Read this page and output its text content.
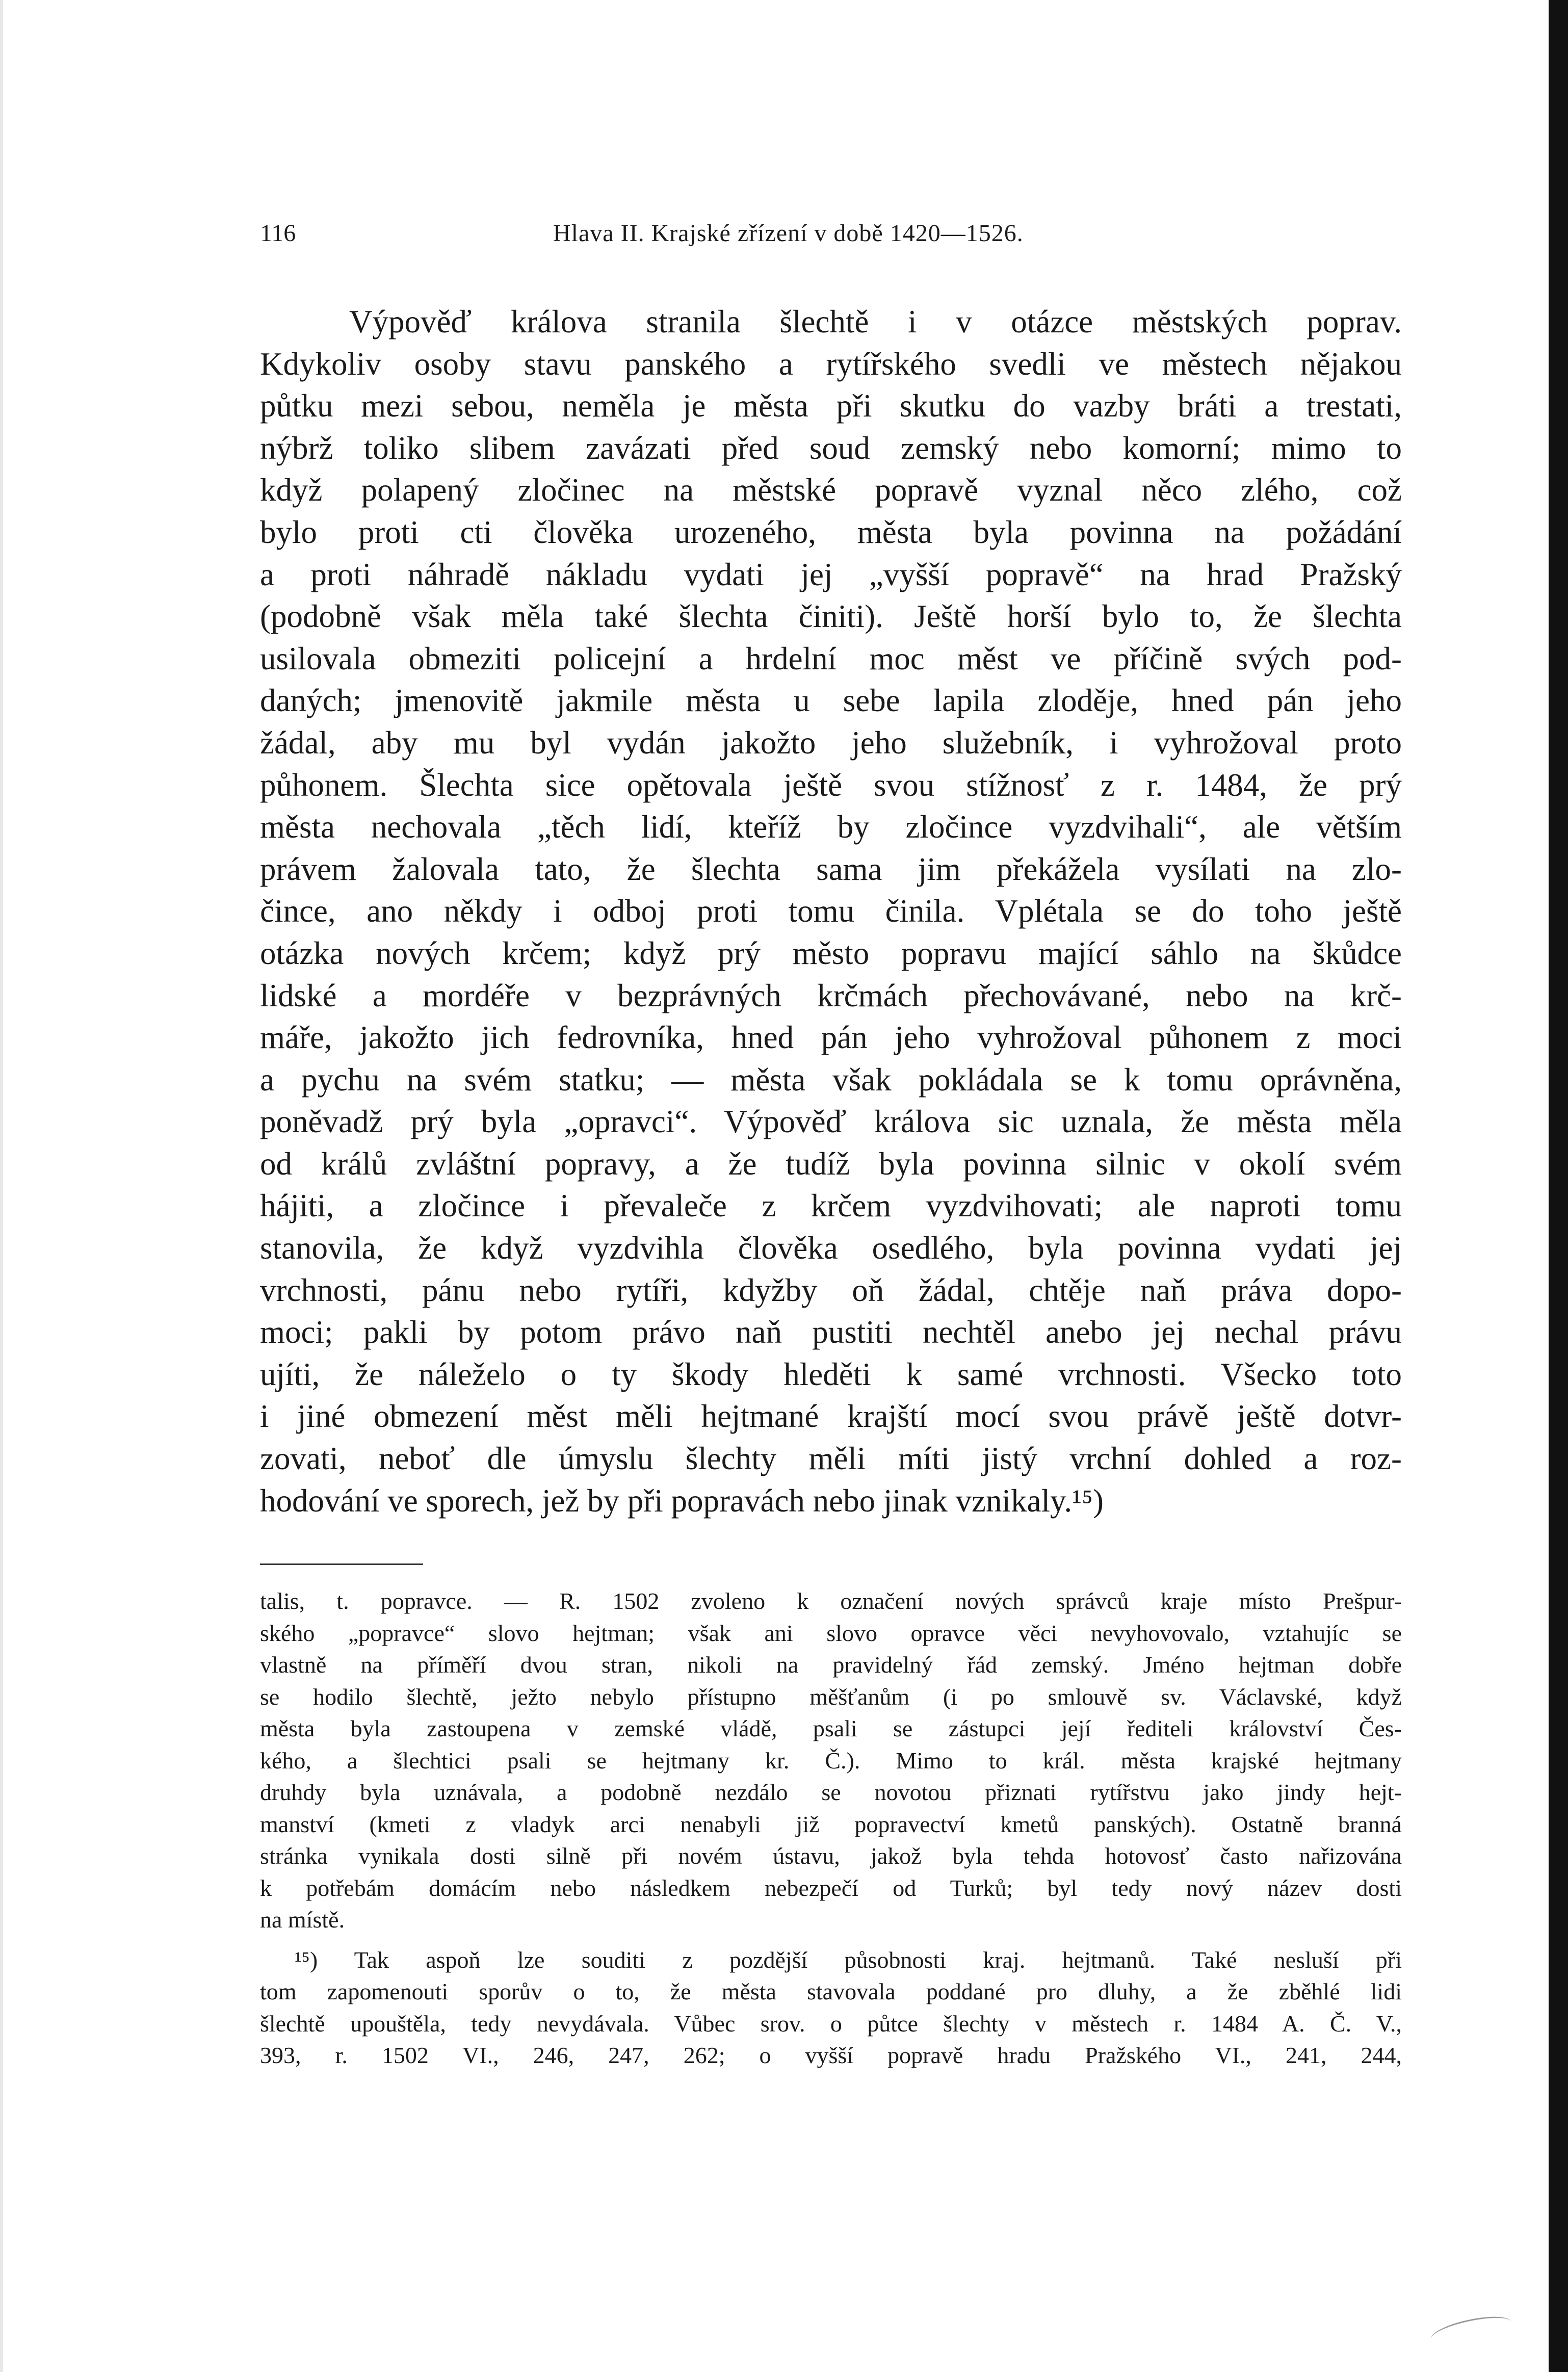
116	Hlava II. Krajské zřízení v době 1420—1526.
Výpověď králova stranila šlechtě i v otázce městských poprav.
Kdykoliv osoby stavu panského a rytířského svedli ve městech nějakou
půtku mezi sebou, neměla je města při skutku do vazby bráti a trestati,
nýbrž toliko slibem zavázati před soud zemský nebo komorní; mimo to
když polapený zločinec na městské popravě vyznal něco zlého, což
bylo proti cti člověka urozeného, města byla povinna na požádání
a proti náhradě nákladu vydati jej „vyšší popravě“ na hrad Pražský
(podobně však měla také šlechta činiti). Ještě horší bylo to, že šlechta
usilovala obmeziti policejní a hrdelní moc měst ve příčině svých pod-
daných; jmenovitě jakmile města u sebe lapila zloděje, hned pán jeho
žádal, aby mu byl vydán jakožto jeho služebník, i vyhrožoval proto
půhonem. Šlechta sice opětovala ještě svou stížnosť z r. 1484, že prý
města nechovala „těch lidí, kteříž by zločince vyzdvihali“, ale větším
právem žalovala tato, že šlechta sama jim překážela vysílati na zlo-
čince, ano někdy i odboj proti tomu činila. Vplétala se do toho ještě
otázka nových krčem; když prý město popravu mající sáhlo na škůdce
lidské a mordéře v bezprávných krčmách přechovávané, nebo na krč-
máře, jakožto jich fedrovníka, hned pán jeho vyhrožoval půhonem z moci
a pychu na svém statku; — města však pokládala se k tomu oprávněna,
poněvadž prý byla „opravci“. Výpověď králova sic uznala, že města měla
od králů zvláštní popravy, a že tudíž byla povinna silnic v okolí svém
hájiti, a zločince i převaleče z krčem vyzdvihovati; ale naproti tomu
stanovila, že když vyzdvihla člověka osedlého, byla povinna vydati jej
vrchnosti, pánu nebo rytíři, kdyžby oň žádal, chtěje naň práva dopo-
moci; pakli by potom právo naň pustiti nechtěl anebo jej nechal právu
ujíti, že náleželo o ty škody hleděti k samé vrchnosti. Všecko toto
i jiné obmezení měst měli hejtmané krajští mocí svou právě ještě dotvr-
zovati, neboť dle úmyslu šlechty měli míti jistý vrchní dohled a roz-
hodování ve sporech, jež by při popravách nebo jinak vznikaly.¹⁵)
talis, t. popravce. — R. 1502 zvoleno k označení nových správců kraje místo Prešpur-
ského „popravce“ slovo hejtman; však ani slovo opravce věci nevyhovovalo, vztahujíc se
vlastně na příměří dvou stran, nikoli na pravidelný řád zemský. Jméno hejtman dobře
se hodilo šlechtě, ježto nebylo přístupno měšťanům (i po smlouvě sv. Václavské, když
města byla zastoupena v zemské vládě, psali se zástupci její řediteli království Čes-
kého, a šlechtici psali se hejtmany kr. Č.). Mimo to král. města krajské hejtmany
druhdy byla uznávala, a podobně nezdálo se novotou přiznati rytířstvu jako jindy hejt-
manství (kmeti z vladyk arci nenabyli již popravectví kmetů panských). Ostatně branná
stránka vynikala dosti silně při novém ústavu, jakož byla tehda hotovosť často nařizována
k potřebám domácím nebo následkem nebezpečí od Turků; byl tedy nový název dosti
na místě.
¹⁵) Tak aspoň lze souditi z pozdější působnosti kraj. hejtmanů. Také nesluší při
tom zapomenouti sporův o to, že města stavovala poddané pro dluhy, a že zběhlé lidi
šlechtě upouštěla, tedy nevydávala. Vůbec srov. o půtce šlechty v městech r. 1484 A. Č. V.,
393, r. 1502 VI., 246, 247, 262; o vyšší popravě hradu Pražského VI., 241, 244,
